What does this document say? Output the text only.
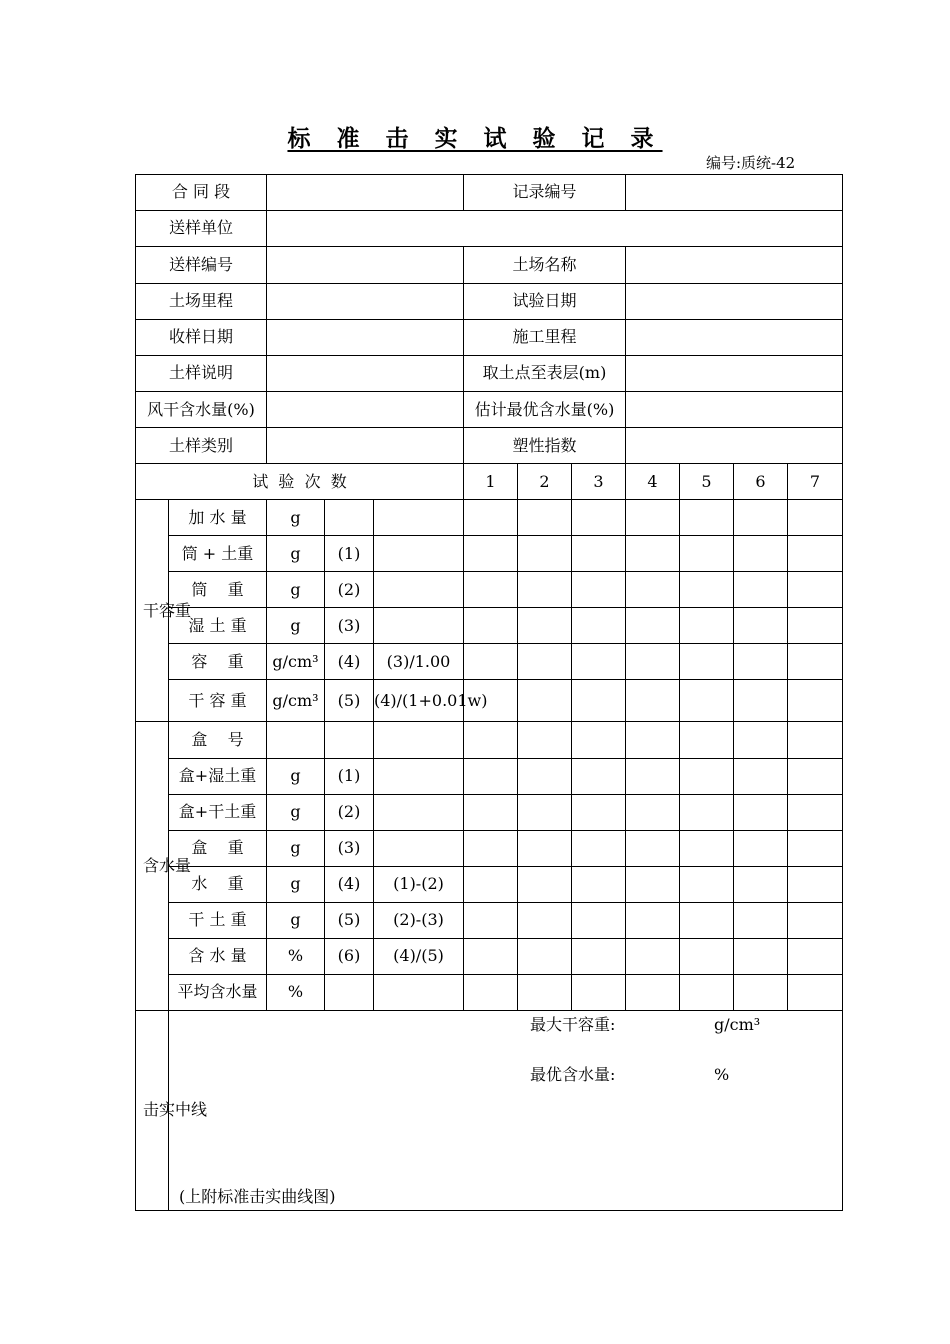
标 准 击 实 试 验 记 录
编号:质统-42
合 同 段					记录编号						
送样单位											
送样编号					土场名称						
土场里程					试验日期						
收样日期					施工里程						
土样说明					取土点至表层(m)						
风干含水量(%)					估计最优含水量(%)						
土样类别					塑性指数						
试  验  次  数					1	2	3	4	5	6	7
干容重	加 水 量	g									
	筒 + 土重	g	(1)								
	筒    重	g	(2)								
	湿 土 重	g	(3)								
	容    重	g/cm³	(4)	(3)/1.00							
	干 容 重	g/cm³	(5)	(4)/(1+0.01w)							
含水量	盒    号										
	盒+湿土重	g	(1)								
	盒+干土重	g	(2)								
	盒    重	g	(3)								
	水    重	g	(4)	(1)-(2)							
	干 土 重	g	(5)	(2)-(3)							
	含 水 量	%	(6)	(4)/(5)							
	平均含水量	%									
击实中线	最大干容重: g/cm³
最优含水量: %
(上附标准击实曲线图)										
